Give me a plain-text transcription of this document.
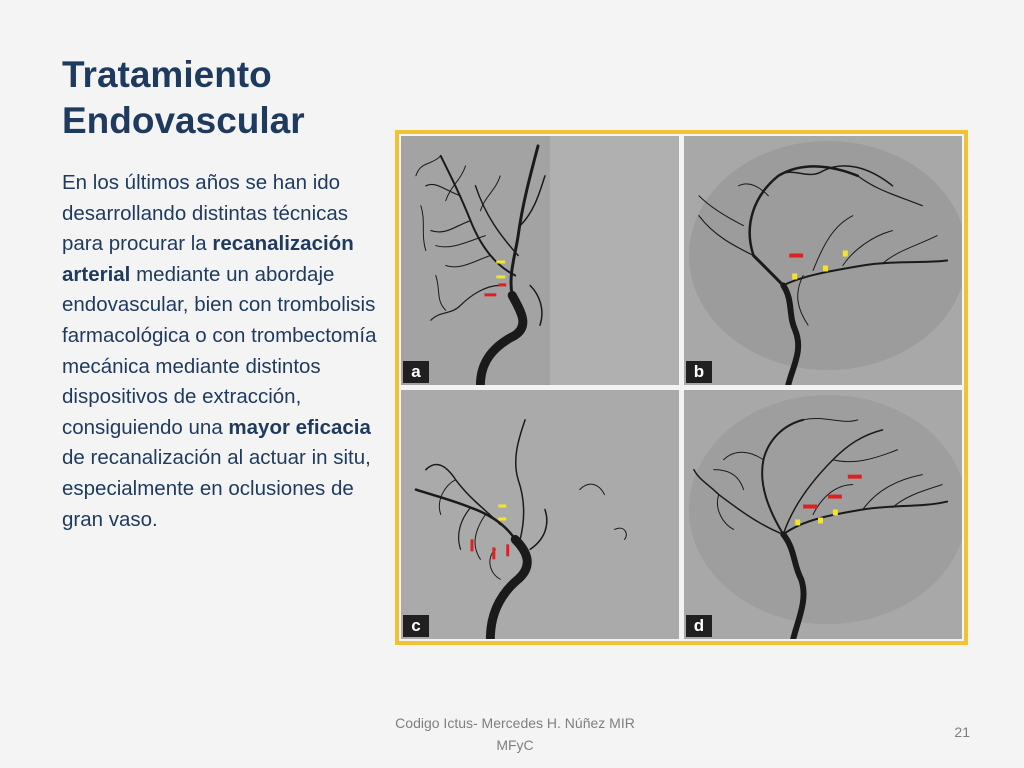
Tratamiento
Endovascular
En los últimos años se han ido desarrollando distintas técnicas para procurar la recanalización arterial mediante un abordaje endovascular, bien con trombolisis farmacológica o con trombectomía mecánica mediante distintos dispositivos de extracción, consiguiendo una mayor eficacia de recanalización al actuar in situ, especialmente en oclusiones de gran vaso.
a	b
c	d
Codigo Ictus- Mercedes H. Núñez MIR
MFyC
21
